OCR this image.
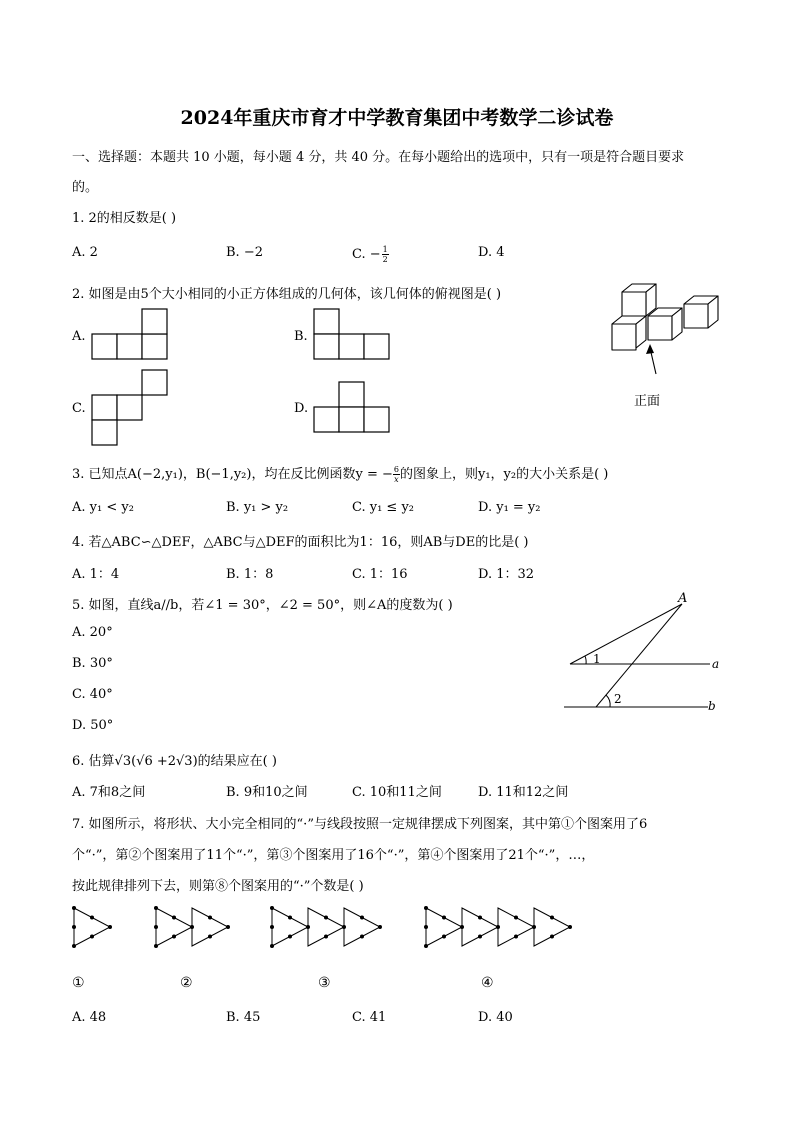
2024年重庆市育才中学教育集团中考数学二诊试卷
一、选择题：本题共 10 小题，每小题 4 分，共 40 分。在每小题给出的选项中，只有一项是符合题目要求
的。
1. 2的相反数是( )
A. 2	B. −2	C. − $\frac{1}{2}$	D. 4
2. 如图是由5个大小相同的小正方体组成的几何体，该几何体的俯视图是( )
A.	B.
C.	D.	正面
3. 已知点A(−2,y₁)，B(−1,y₂)，均在反比例函数y = − $\frac{6}{x}$ 的图象上，则y₁，y₂的大小关系是( )
A. y₁ < y₂	B. y₁ > y₂	C. y₁ ≤ y₂	D. y₁ = y₂
4. 若△ABC∽△DEF，△ABC与△DEF的面积比为1：16，则AB与DE的比是( )
A. 1：4	B. 1：8	C. 1：16	D. 1：32
5. 如图，直线a//b，若∠1 = 30°，∠2 = 50°，则∠A的度数为( )
A. 20°
B. 30°
C. 40°
D. 50°
A
1
2
a
b
6. 估算√3(√6 +2√3)的结果应在( )
A. 7和8之间	B. 9和10之间	C. 10和11之间	D. 11和12之间
7. 如图所示，将形状、大小完全相同的“·”与线段按照一定规律摆成下列图案，其中第①个图案用了6
个“·”，第②个图案用了11个“·”，第③个图案用了16个“·”，第④个图案用了21个“·”，…，
按此规律排列下去，则第⑧个图案用的“·”个数是( )
①	②	③	④
A. 48	B. 45	C. 41	D. 40
